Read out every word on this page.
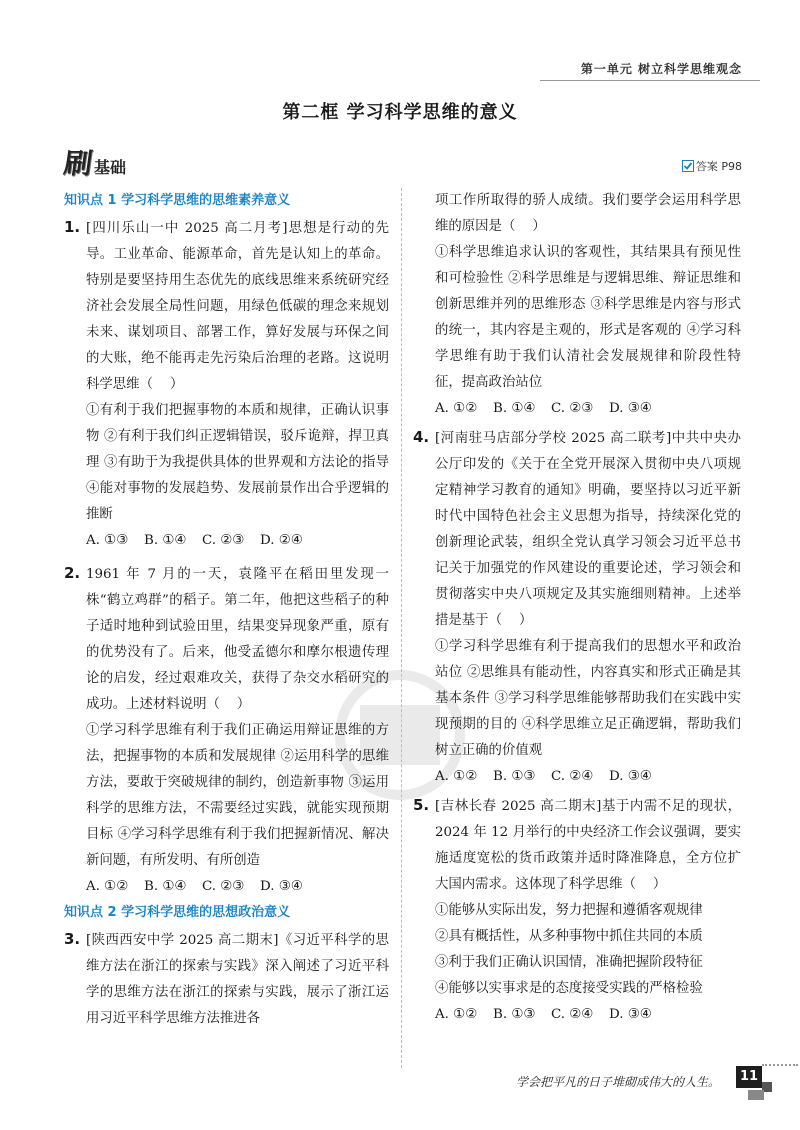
第一单元 树立科学思维观念
第二框 学习科学思维的意义
刷 基础	答案 P98
知识点 1 学习科学思维的思维素养意义
1. [四川乐山一中 2025 高二月考]思想是行动的先导。工业革命、能源革命，首先是认知上的革命。特别是要坚持用生态优先的底线思维来系统研究经济社会发展全局性问题，用绿色低碳的理念来规划未来、谋划项目、部署工作，算好发展与环保之间的大账，绝不能再走先污染后治理的老路。这说明科学思维（    ）
①有利于我们把握事物的本质和规律，正确认识事物 ②有利于我们纠正逻辑错误，驳斥诡辩，捍卫真理 ③有助于为我提供具体的世界观和方法论的指导 ④能对事物的发展趋势、发展前景作出合乎逻辑的推断
A. ①③	B. ①④	C. ②③	D. ②④
2. 1961 年 7 月的一天，袁隆平在稻田里发现一株“鹤立鸡群”的稻子。第二年，他把这些稻子的种子适时地种到试验田里，结果变异现象严重，原有的优势没有了。后来，他受孟德尔和摩尔根遗传理论的启发，经过艰难攻关，获得了杂交水稻研究的成功。上述材料说明（    ）
①学习科学思维有利于我们正确运用辩证思维的方法，把握事物的本质和发展规律 ②运用科学的思维方法，要敢于突破规律的制约，创造新事物 ③运用科学的思维方法，不需要经过实践，就能实现预期目标 ④学习科学思维有利于我们把握新情况、解决新问题，有所发明、有所创造
A. ①②	B. ①④	C. ②③	D. ③④
知识点 2 学习科学思维的思想政治意义
3. [陕西西安中学 2025 高二期末]《习近平科学的思维方法在浙江的探索与实践》深入阐述了习近平科学的思维方法在浙江的探索与实践，展示了浙江运用习近平科学思维方法推进各
项工作所取得的骄人成绩。我们要学会运用科学思维的原因是（    ）
①科学思维追求认识的客观性，其结果具有预见性和可检验性 ②科学思维是与逻辑思维、辩证思维和创新思维并列的思维形态 ③科学思维是内容与形式的统一，其内容是主观的，形式是客观的 ④学习科学思维有助于我们认清社会发展规律和阶段性特征，提高政治站位
A. ①②	B. ①④	C. ②③	D. ③④
4. [河南驻马店部分学校 2025 高二联考]中共中央办公厅印发的《关于在全党开展深入贯彻中央八项规定精神学习教育的通知》明确，要坚持以习近平新时代中国特色社会主义思想为指导，持续深化党的创新理论武装，组织全党认真学习领会习近平总书记关于加强党的作风建设的重要论述，学习领会和贯彻落实中央八项规定及其实施细则精神。上述举措是基于（    ）
①学习科学思维有利于提高我们的思想水平和政治站位 ②思维具有能动性，内容真实和形式正确是其基本条件 ③学习科学思维能够帮助我们在实践中实现预期的目的 ④科学思维立足正确逻辑，帮助我们树立正确的价值观
A. ①②	B. ①③	C. ②④	D. ③④
5. [吉林长春 2025 高二期末]基于内需不足的现状，2024 年 12 月举行的中央经济工作会议强调，要实施适度宽松的货币政策并适时降准降息，全方位扩大国内需求。这体现了科学思维（    ）
①能够从实际出发，努力把握和遵循客观规律
②具有概括性，从多种事物中抓住共同的本质
③利于我们正确认识国情，准确把握阶段特征
④能够以实事求是的态度接受实践的严格检验
A. ①②	B. ①③	C. ②④	D. ③④
学会把平凡的日子堆砌成伟大的人生。	11
